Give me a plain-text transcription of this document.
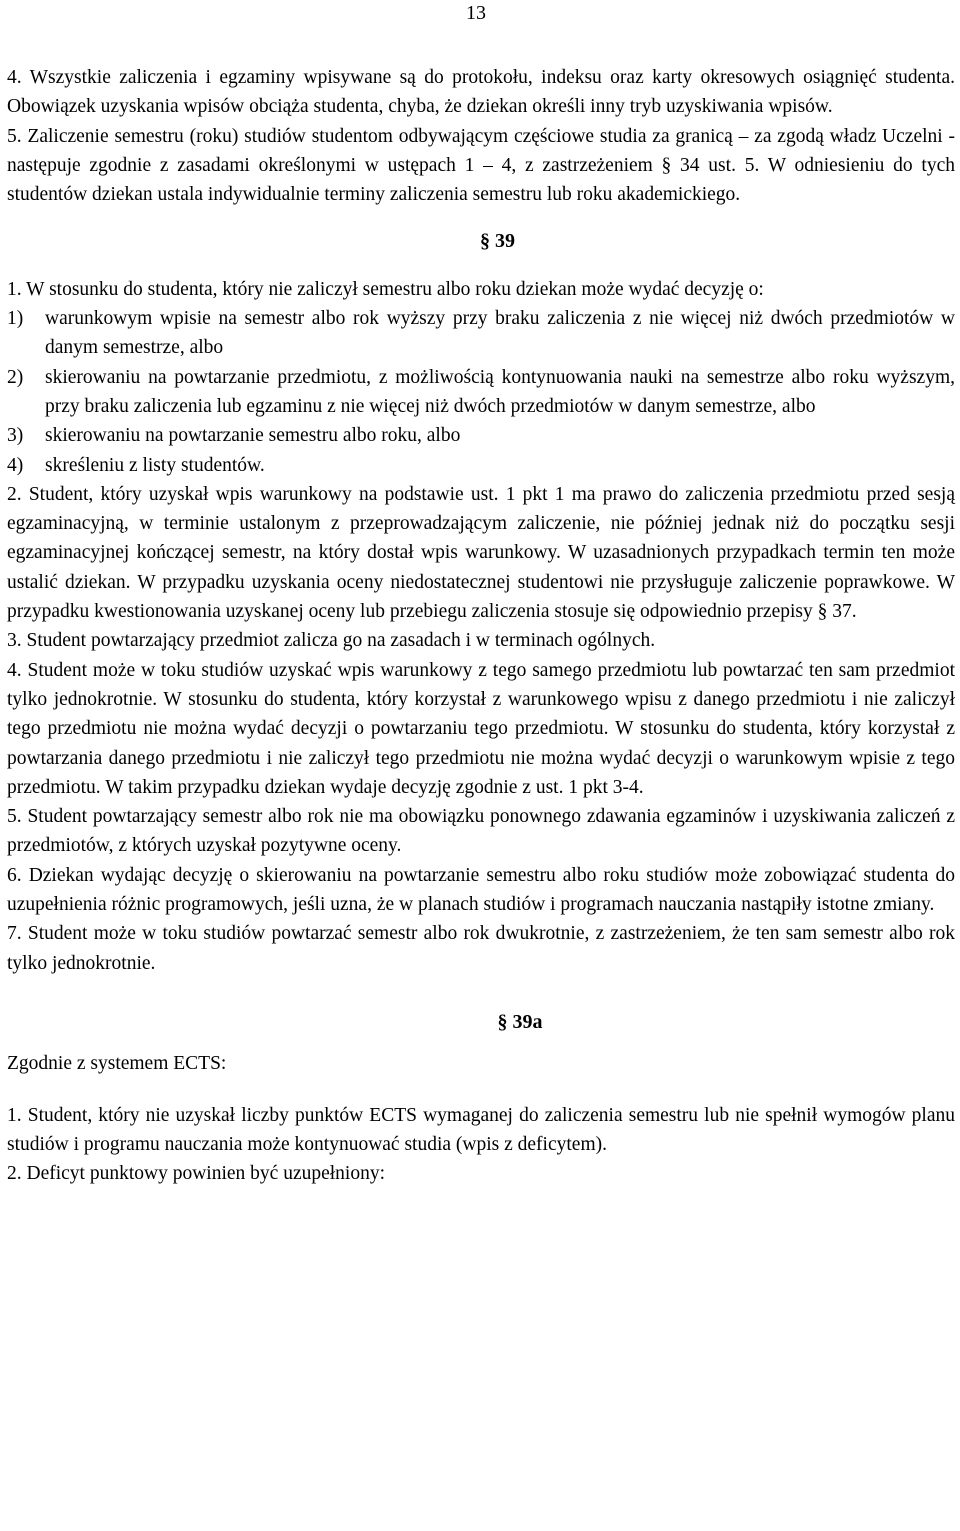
13

4. Wszystkie zaliczenia i egzaminy wpisywane są do protokołu, indeksu oraz karty okresowych osiągnięć studenta. Obowiązek uzyskania wpisów obciąża studenta, chyba, że dziekan określi inny tryb uzyskiwania wpisów.

5. Zaliczenie semestru (roku) studiów studentom odbywającym częściowe studia za granicą – za zgodą władz Uczelni - następuje zgodnie z zasadami określonymi w ustępach 1 – 4, z zastrzeżeniem § 34 ust. 5. W odniesieniu do tych studentów dziekan ustala indywidualnie terminy zaliczenia semestru lub roku akademickiego.

§ 39

1. W stosunku do studenta, który nie zaliczył semestru albo roku dziekan może wydać decyzję o:

1)	warunkowym wpisie na semestr albo rok wyższy przy braku zaliczenia z nie więcej niż dwóch przedmiotów w danym semestrze, albo
2)	skierowaniu na powtarzanie przedmiotu, z możliwością kontynuowania nauki na semestrze albo roku wyższym, przy braku zaliczenia lub egzaminu z nie więcej niż dwóch przedmiotów w danym semestrze, albo
3)	skierowaniu na powtarzanie semestru albo roku, albo
4)	skreśleniu z listy studentów.

2. Student, który uzyskał wpis warunkowy na podstawie ust. 1 pkt 1 ma prawo do zaliczenia przedmiotu przed sesją egzaminacyjną, w terminie ustalonym z przeprowadzającym zaliczenie, nie później jednak niż do początku sesji egzaminacyjnej kończącej semestr, na który dostał wpis warunkowy. W uzasadnionych przypadkach termin ten może ustalić dziekan. W przypadku uzyskania oceny niedostatecznej studentowi nie przysługuje zaliczenie poprawkowe. W przypadku kwestionowania uzyskanej oceny lub przebiegu zaliczenia stosuje się odpowiednio przepisy § 37.

3. Student powtarzający przedmiot zalicza go na zasadach i w terminach ogólnych.

4. Student może w toku studiów uzyskać wpis warunkowy z tego samego przedmiotu lub powtarzać ten sam przedmiot tylko jednokrotnie. W stosunku do studenta, który korzystał z warunkowego wpisu z danego przedmiotu i nie zaliczył tego przedmiotu nie można wydać decyzji o powtarzaniu tego przedmiotu. W stosunku do studenta, który korzystał z powtarzania danego przedmiotu i nie zaliczył tego przedmiotu nie można wydać decyzji o warunkowym wpisie z tego przedmiotu. W takim przypadku dziekan wydaje decyzję zgodnie z ust. 1 pkt 3-4.

5. Student powtarzający semestr albo rok nie ma obowiązku ponownego zdawania egzaminów i uzyskiwania zaliczeń z przedmiotów, z których uzyskał pozytywne oceny.

6. Dziekan wydając decyzję o skierowaniu na powtarzanie semestru albo roku studiów może zobowiązać studenta do uzupełnienia różnic programowych, jeśli uzna, że w planach studiów i programach nauczania nastąpiły istotne zmiany.

7. Student może w toku studiów powtarzać semestr albo rok dwukrotnie, z zastrzeżeniem, że ten sam semestr albo rok tylko jednokrotnie.

§ 39a

Zgodnie z systemem ECTS:

1. Student, który nie uzyskał liczby punktów ECTS wymaganej do zaliczenia semestru lub nie spełnił wymogów planu studiów i programu nauczania może kontynuować studia (wpis z deficytem).

2. Deficyt punktowy powinien być uzupełniony:
